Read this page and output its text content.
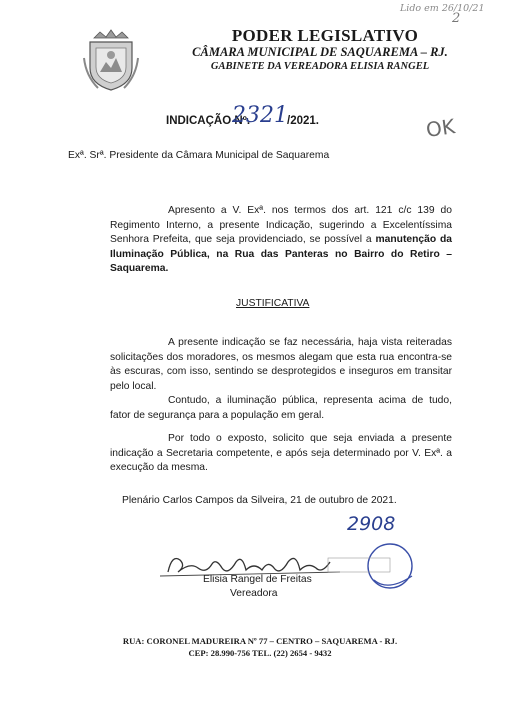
PODER LEGISLATIVO
CÂMARA MUNICIPAL DE SAQUAREMA – RJ.
GABINETE DA VEREADORA ELISIA RANGEL
Lido em 26/10/21
2
OK
INDICAÇÃO Nº.
2321 /2021.
Exª. Srª. Presidente da Câmara Municipal de Saquarema
Apresento a V. Exª. nos termos dos art. 121 c/c 139 do Regimento Interno, a presente Indicação, sugerindo a Excelentíssima Senhora Prefeita, que seja providenciado, se possível a manutenção da Iluminação Pública, na Rua das Panteras no Bairro do Retiro – Saquarema.
JUSTIFICATIVA
A presente indicação se faz necessária, haja vista reiteradas solicitações dos moradores, os mesmos alegam que esta rua encontra-se às escuras, com isso, sentindo se desprotegidos e inseguros em transitar pelo local.
Contudo, a iluminação pública, representa acima de tudo, fator de segurança para a população em geral.
Por todo o exposto, solicito que seja enviada a presente indicação a Secretaria competente, e após seja determinado por V. Exª. a execução da mesma.
Plenário Carlos Campos da Silveira, 21 de outubro de 2021.
2908
Elisia Rangel de Freitas
Vereadora
RUA: CORONEL MADUREIRA Nº 77 – CENTRO – SAQUAREMA - RJ.
CEP: 28.990-756 TEL. (22) 2654 - 9432
